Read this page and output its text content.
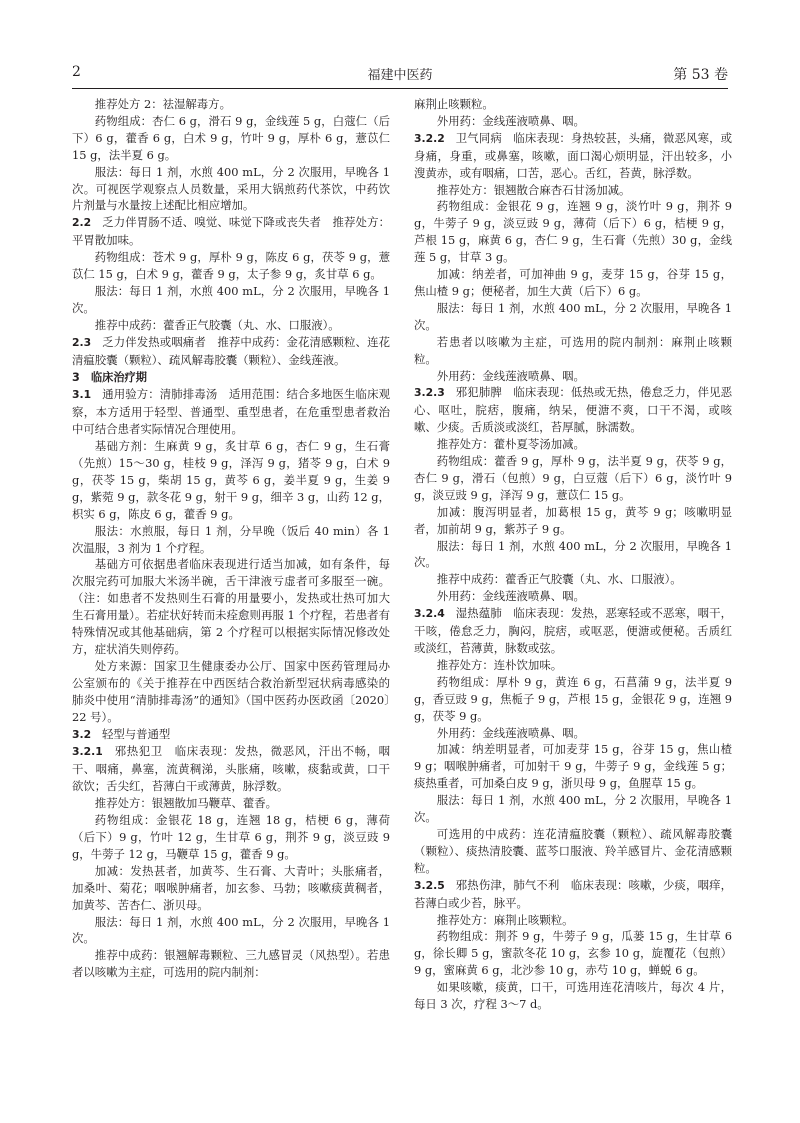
2	福建中医药	第 53 卷

推荐处方 2：祛湿解毒方。

药物组成：杏仁 6 g，滑石 9 g，金线莲 5 g，白蔻仁（后下）6 g，藿香 6 g，白术 9 g，竹叶 9 g，厚朴 6 g，薏苡仁 15 g，法半夏 6 g。

服法：每日 1 剂，水煎 400 mL，分 2 次服用，早晚各 1 次。可视医学观察点人员数量，采用大锅煎药代茶饮，中药饮片剂量与水量按上述配比相应增加。

2.2　乏力伴胃肠不适、嗅觉、味觉下降或丧失者　推荐处方：平胃散加味。

药物组成：苍术 9 g，厚朴 9 g，陈皮 6 g，茯苓 9 g，薏苡仁 15 g，白术 9 g，藿香 9 g，太子参 9 g，炙甘草 6 g。

服法：每日 1 剂，水煎 400 mL，分 2 次服用，早晚各 1 次。

推荐中成药：藿香正气胶囊（丸、水、口服液）。

2.3　乏力伴发热或咽痛者　推荐中成药：金花清感颗粒、连花清瘟胶囊（颗粒）、疏风解毒胶囊（颗粒）、金线莲液。

3　临床治疗期

3.1　通用验方：清肺排毒汤　适用范围：结合多地医生临床观察，本方适用于轻型、普通型、重型患者，在危重型患者救治中可结合患者实际情况合理使用。

基础方剂：生麻黄 9 g，炙甘草 6 g，杏仁 9 g，生石膏（先煎）15～30 g，桂枝 9 g，泽泻 9 g，猪苓 9 g，白术 9 g，茯苓 15 g，柴胡 15 g，黄芩 6 g，姜半夏 9 g，生姜 9 g，紫菀 9 g，款冬花 9 g，射干 9 g，细辛 3 g，山药 12 g，枳实 6 g，陈皮 6 g，藿香 9 g。

服法：水煎服，每日 1 剂，分早晚（饭后 40 min）各 1 次温服，3 剂为 1 个疗程。

基础方可依据患者临床表现进行适当加减，如有条件，每次服完药可加服大米汤半碗，舌干津液亏虚者可多服至一碗。（注：如患者不发热则生石膏的用量要小，发热或壮热可加大生石膏用量）。若症状好转而未痊愈则再服 1 个疗程，若患者有特殊情况或其他基础病，第 2 个疗程可以根据实际情况修改处方，症状消失则停药。

处方来源：国家卫生健康委办公厅、国家中医药管理局办公室颁布的《关于推荐在中西医结合救治新型冠状病毒感染的肺炎中使用“清肺排毒汤”的通知》（国中医药办医政函〔2020〕22 号）。

3.2　轻型与普通型

3.2.1　邪热犯卫　临床表现：发热，微恶风，汗出不畅，咽干、咽痛，鼻塞，流黄稠涕，头胀痛，咳嗽，痰黏或黄，口干欲饮；舌尖红，苔薄白干或薄黄，脉浮数。

推荐处方：银翘散加马鞭草、藿香。

药物组成：金银花 18 g，连翘 18 g，桔梗 6 g，薄荷（后下）9 g，竹叶 12 g，生甘草 6 g，荆芥 9 g，淡豆豉 9 g，牛蒡子 12 g，马鞭草 15 g，藿香 9 g。

加减：发热甚者，加黄芩、生石膏、大青叶；头胀痛者，加桑叶、菊花；咽喉肿痛者，加玄参、马勃；咳嗽痰黄稠者，加黄芩、苦杏仁、浙贝母。

服法：每日 1 剂，水煎 400 mL，分 2 次服用，早晚各 1 次。

推荐中成药：银翘解毒颗粒、三九感冒灵（风热型）。若患者以咳嗽为主症，可选用的院内制剂：

麻荆止咳颗粒。

外用药：金线莲液喷鼻、咽。

3.2.2　卫气同病　临床表现：身热较甚，头痛，微恶风寒，或身痛，身重，或鼻塞，咳嗽，面口渴心烦明显，汗出较多，小溲黄赤，或有咽痛，口苦，恶心。舌红，苔黄，脉浮数。

推荐处方：银翘散合麻杏石甘汤加减。

药物组成：金银花 9 g，连翘 9 g，淡竹叶 9 g，荆芥 9 g，牛蒡子 9 g，淡豆豉 9 g，薄荷（后下）6 g，桔梗 9 g，芦根 15 g，麻黄 6 g，杏仁 9 g，生石膏（先煎）30 g，金线莲 5 g，甘草 3 g。

加减：纳差者，可加神曲 9 g，麦芽 15 g，谷芽 15 g，焦山楂 9 g；便秘者，加生大黄（后下）6 g。

服法：每日 1 剂，水煎 400 mL，分 2 次服用，早晚各 1 次。

若患者以咳嗽为主症，可选用的院内制剂：麻荆止咳颗粒。

外用药：金线莲液喷鼻、咽。

3.2.3　邪犯肺脾　临床表现：低热或无热，倦怠乏力，伴见恶心、呕吐，脘痞，腹痛，纳呆，便溏不爽，口干不渴，或咳嗽、少痰。舌质淡或淡红，苔厚腻，脉濡数。

推荐处方：藿朴夏苓汤加减。

药物组成：藿香 9 g，厚朴 9 g，法半夏 9 g，茯苓 9 g，杏仁 9 g，滑石（包煎）9 g，白豆蔻（后下）6 g，淡竹叶 9 g，淡豆豉 9 g，泽泻 9 g，薏苡仁 15 g。

加减：腹泻明显者，加葛根 15 g，黄芩 9 g；咳嗽明显者，加前胡 9 g，紫苏子 9 g。

服法：每日 1 剂，水煎 400 mL，分 2 次服用，早晚各 1 次。

推荐中成药：藿香正气胶囊（丸、水、口服液）。

外用药：金线莲液喷鼻、咽。

3.2.4　湿热蕴肺　临床表现：发热，恶寒轻或不恶寒，咽干，干咳，倦怠乏力，胸闷，脘痞，或呕恶，便溏或便秘。舌质红或淡红，苔薄黄，脉数或弦。

推荐处方：连朴饮加味。

药物组成：厚朴 9 g，黄连 6 g，石菖蒲 9 g，法半夏 9 g，香豆豉 9 g，焦栀子 9 g，芦根 15 g，金银花 9 g，连翘 9 g，茯苓 9 g。

外用药：金线莲液喷鼻、咽。

加减：纳差明显者，可加麦芽 15 g，谷芽 15 g，焦山楂 9 g；咽喉肿痛者，可加射干 9 g，牛蒡子 9 g，金线莲 5 g；痰热重者，可加桑白皮 9 g，浙贝母 9 g，鱼腥草 15 g。

服法：每日 1 剂，水煎 400 mL，分 2 次服用，早晚各 1 次。

可选用的中成药：连花清瘟胶囊（颗粒）、疏风解毒胶囊（颗粒）、痰热清胶囊、蓝芩口服液、羚羊感冒片、金花清感颗粒。

3.2.5　邪热伤津，肺气不利　临床表现：咳嗽，少痰，咽痒，苔薄白或少苔，脉平。

推荐处方：麻荆止咳颗粒。

药物组成：荆芥 9 g，牛蒡子 9 g，瓜蒌 15 g，生甘草 6 g，徐长卿 5 g，蜜款冬花 10 g，玄参 10 g，旋覆花（包煎）9 g，蜜麻黄 6 g，北沙参 10 g，赤芍 10 g，蝉蜕 6 g。

如果咳嗽，痰黄，口干，可选用连花清咳片，每次 4 片，每日 3 次，疗程 3～7 d。
